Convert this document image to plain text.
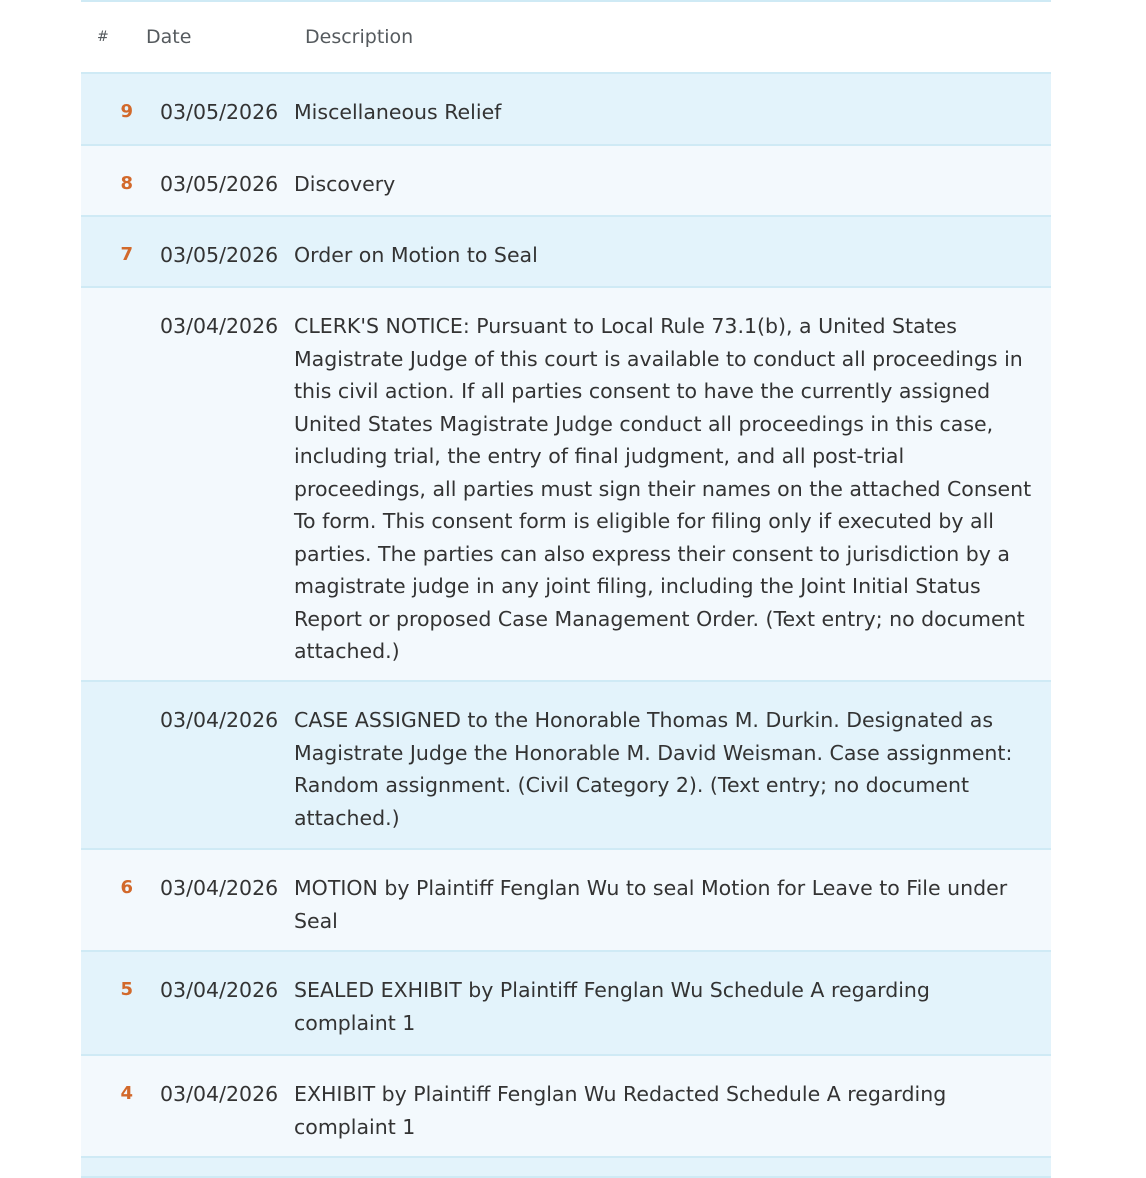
#	Date	Description
9	03/05/2026 Miscellaneous Relief
8	03/05/2026 Discovery
7	03/05/2026 Order on Motion to Seal
03/04/2026 CLERK'S NOTICE: Pursuant to Local Rule 73.1(b), a United States Magistrate Judge of this court is available to conduct all proceedings in this civil action. If all parties consent to have the currently assigned United States Magistrate Judge conduct all proceedings in this case, including trial, the entry of final judgment, and all post-trial proceedings, all parties must sign their names on the attached Consent To form. This consent form is eligible for filing only if executed by all parties. The parties can also express their consent to jurisdiction by a magistrate judge in any joint filing, including the Joint Initial Status Report or proposed Case Management Order. (Text entry; no document attached.)
03/04/2026 CASE ASSIGNED to the Honorable Thomas M. Durkin. Designated as Magistrate Judge the Honorable M. David Weisman. Case assignment: Random assignment. (Civil Category 2). (Text entry; no document attached.)
6	03/04/2026 MOTION by Plaintiff Fenglan Wu to seal Motion for Leave to File under Seal
5	03/04/2026 SEALED EXHIBIT by Plaintiff Fenglan Wu Schedule A regarding complaint 1
4	03/04/2026 EXHIBIT by Plaintiff Fenglan Wu Redacted Schedule A regarding complaint 1
